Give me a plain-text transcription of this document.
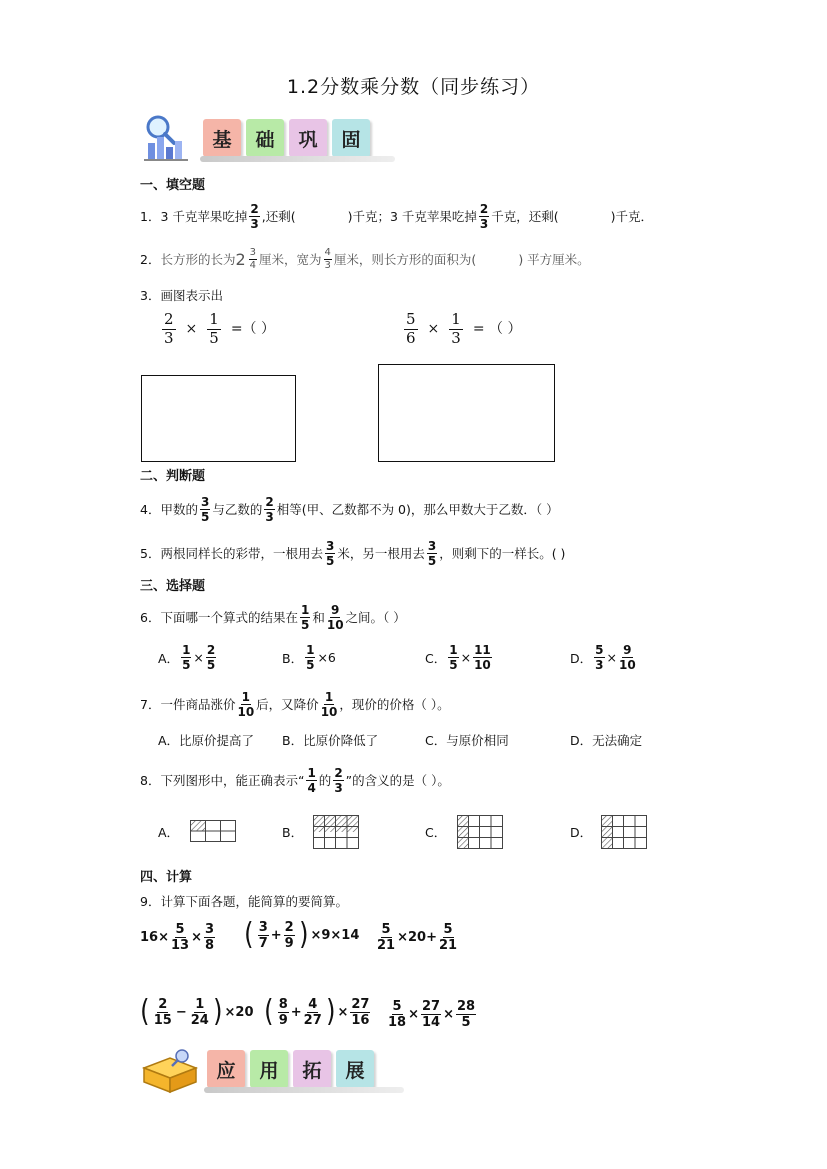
1.2分数乘分数（同步练习）
基	础	巩	固
一、填空题
1． 3 千克苹果吃掉 $\frac{2}{3}$ ,还剩(	)千克；3 千克苹果吃掉 $\frac{2}{3}$ 千克，还剩(	)千克．
2． 长方形的长为 $2 \frac{3}{4}$ 厘米，宽为 $\frac{4}{3}$ 厘米，则长方形的面积为(	) 平方厘米。
3． 画图表示出
$\frac{2}{3} \times \frac{1}{5}$ =（ ）	$\frac{5}{6} \times \frac{1}{3}$ = （ ）
二、判断题
4． 甲数的 $\frac{3}{5}$ 与乙数的 $\frac{2}{3}$ 相等(甲、乙数都不为 0)，那么甲数大于乙数．（ ）
5． 两根同样长的彩带，一根用去 $\frac{3}{5}$ 米，另一根用去 $\frac{3}{5}$ ，则剩下的一样长。( )
三、选择题
6． 下面哪一个算式的结果在 $\frac{1}{5}$ 和 $\frac{9}{10}$ 之间。（ ）
A． $\frac{1}{5} \times \frac{2}{5}$	B． $\frac{1}{5} \times 6$	C． $\frac{1}{5} \times \frac{11}{10}$	D． $\frac{5}{3} \times \frac{9}{10}$
7． 一件商品涨价 $\frac{1}{10}$ 后，又降价 $\frac{1}{10}$ ，现价的价格（ ）。
A．比原价提高了 B．比原价降低了	C．与原价相同	D．无法确定
8． 下列图形中，能正确表示“ $\frac{1}{4}$ 的 $\frac{2}{3}$ ”的含义的是（ ）。
A．	B．	C．	D．
四、计算
9． 计算下面各题，能简算的要简算。
$16\times \frac{5}{13} \times \frac{3}{8}$ ( $\frac{3}{7} + \frac{2}{9}$ ) $\times 9\times 14 \frac{5}{21} \times 20+ \frac{5}{21}$
( $\frac{2}{15} - \frac{1}{24}$ ) ×20 ( $\frac{8}{9} + \frac{4}{27}$ ) × $\frac{27}{16} \frac{5}{18} \times \frac{27}{14} \times \frac{28}{5}$
应	用	拓	展
